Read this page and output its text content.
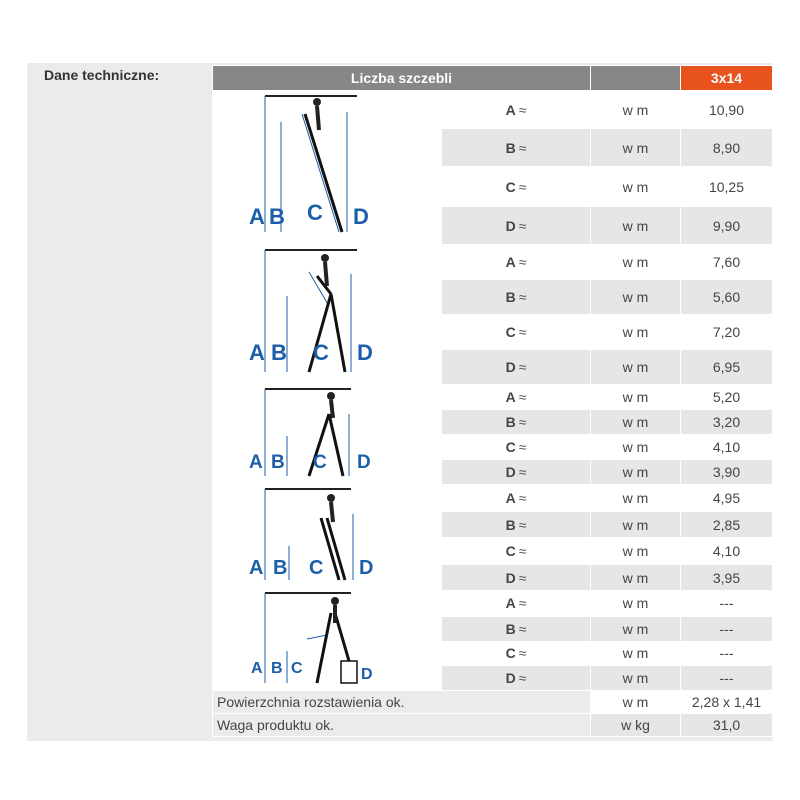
Dane techniczne:	Liczba szczebli			3x14

A B C D	A ≈	w m	10,90
	B ≈	w m	8,90
	C ≈	w m	10,25
	D ≈	w m	9,90

A B C D	A ≈	w m	7,60
	B ≈	w m	5,60
	C ≈	w m	7,20
	D ≈	w m	6,95

A B C D	A ≈	w m	5,20
	B ≈	w m	3,20
	C ≈	w m	4,10
	D ≈	w m	3,90

A B C D	A ≈	w m	4,95
	B ≈	w m	2,85
	C ≈	w m	4,10
	D ≈	w m	3,95

A B C D	A ≈	w m	---
	B ≈	w m	---
	C ≈	w m	---
	D ≈	w m	---
Powierzchnia rozstawienia ok.		w m	2,28 x 1,41
Waga produktu ok.		w kg	31,0
